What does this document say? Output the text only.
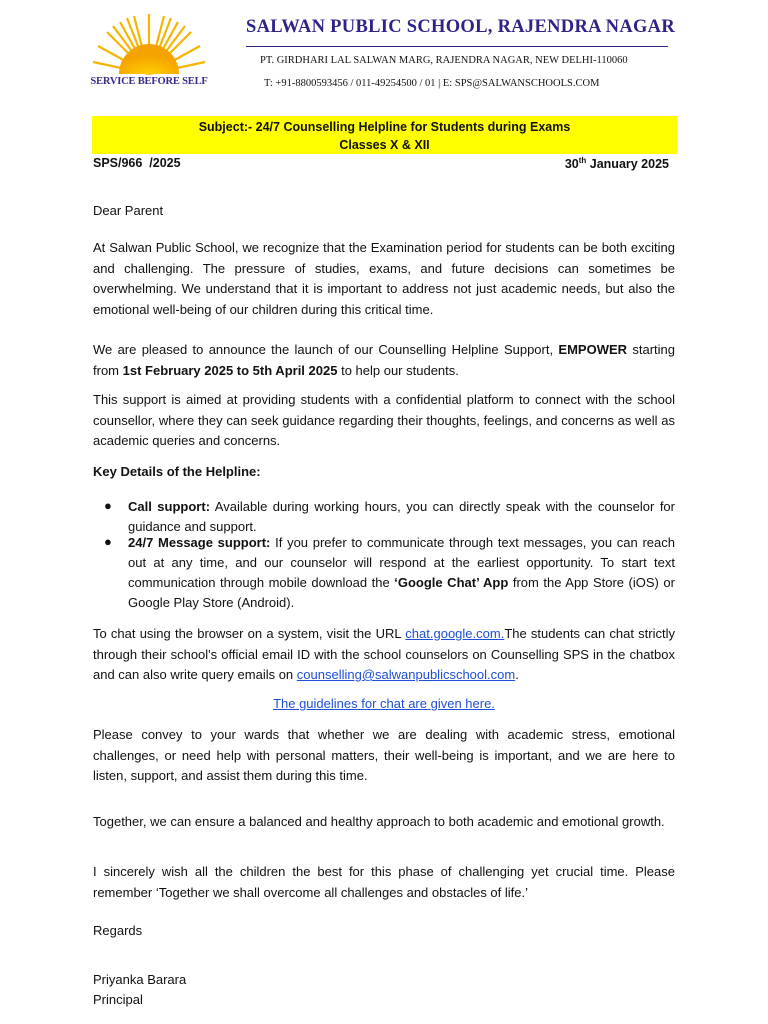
SERVICE BEFORE SELF
SALWAN PUBLIC SCHOOL, RAJENDRA NAGAR
PT. GIRDHARI LAL SALWAN MARG, RAJENDRA NAGAR, NEW DELHI-110060
T: +91-8800593456 / 011-49254500 / 01 | E: SPS@SALWANSCHOOLS.COM
Subject:- 24/7 Counselling Helpline for Students during Exams
Classes X & XII
SPS/966  /2025	30th January 2025
Dear Parent
At Salwan Public School, we recognize that the Examination period for students can be both exciting and challenging. The pressure of studies, exams, and future decisions can sometimes be overwhelming. We understand that it is important to address not just academic needs, but also the emotional well-being of our children during this critical time.
We are pleased to announce the launch of our Counselling Helpline Support, EMPOWER starting from 1st February 2025 to 5th April 2025 to help our students.
This support is aimed at providing students with a confidential platform to connect with the school counsellor, where they can seek guidance regarding their thoughts, feelings, and concerns as well as academic queries and concerns.
Key Details of the Helpline:
● Call support: Available during working hours, you can directly speak with the counselor for guidance and support.
● 24/7 Message support: If you prefer to communicate through text messages, you can reach out at any time, and our counselor will respond at the earliest opportunity. To start text communication through mobile download the ‘Google Chat’ App from the App Store (iOS) or Google Play Store (Android).
To chat using the browser on a system, visit the URL chat.google.com.The students can chat strictly through their school's official email ID with the school counselors on Counselling SPS in the chatbox and can also write query emails on counselling@salwanpublicschool.com.
The guidelines for chat are given here.
Please convey to your wards that whether we are dealing with academic stress, emotional challenges, or need help with personal matters, their well-being is important, and we are here to listen, support, and assist them during this time.
Together, we can ensure a balanced and healthy approach to both academic and emotional growth.
I sincerely wish all the children the best for this phase of challenging yet crucial time. Please remember ‘Together we shall overcome all challenges and obstacles of life.’
Regards
Priyanka Barara
Principal
